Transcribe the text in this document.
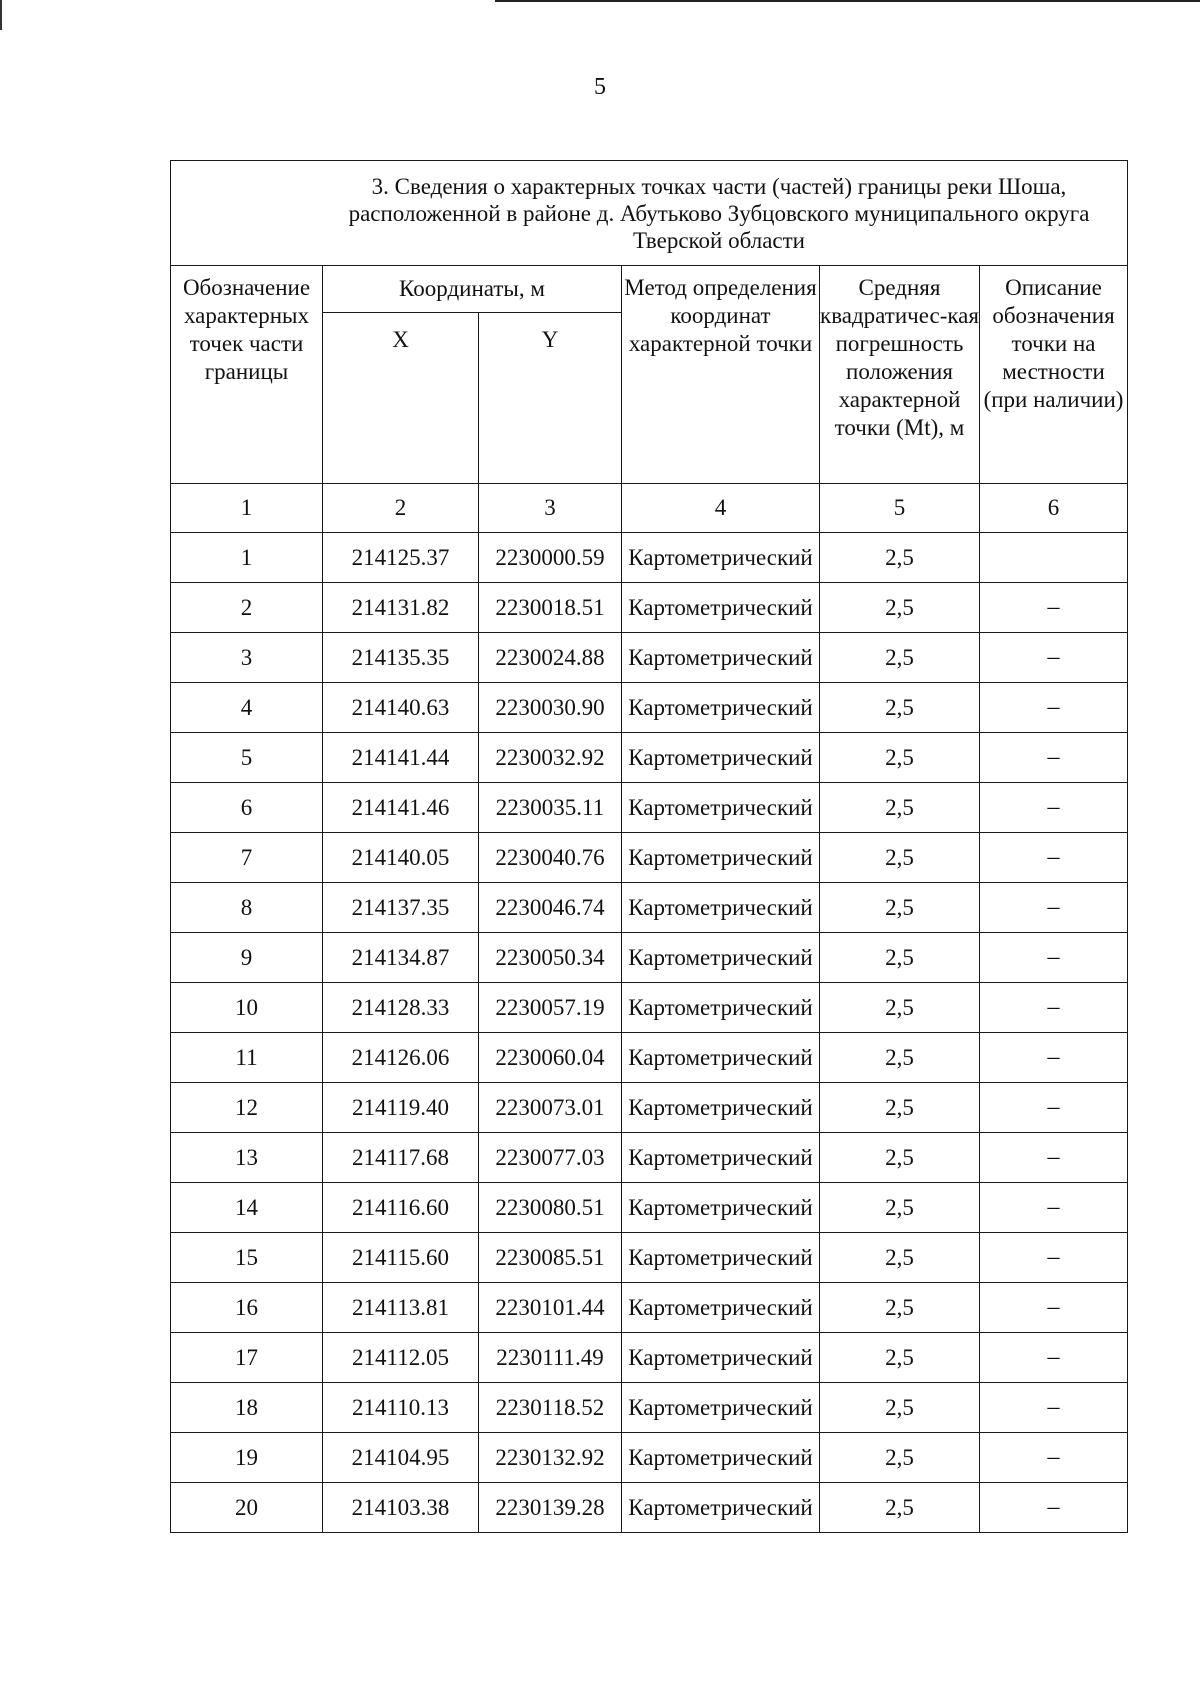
5
3. Сведения о характерных точках части (частей) границы реки Шоша, расположенной в районе д. Абутьково Зубцовского муниципального округа Тверской области					

Обозначение характерных точек части границы	Координаты, м		Метод определения координат характерной точки	Средняя квадратичес-кая погрешность положения характерной точки (Mt), м	Описание обозначения точки на местности (при наличии)
	X	Y			
1	2	3	4	5	6
1	214125.37	2230000.59	Картометрический	2,5	
2	214131.82	2230018.51	Картометрический	2,5	–
3	214135.35	2230024.88	Картометрический	2,5	–
4	214140.63	2230030.90	Картометрический	2,5	–
5	214141.44	2230032.92	Картометрический	2,5	–
6	214141.46	2230035.11	Картометрический	2,5	–
7	214140.05	2230040.76	Картометрический	2,5	–
8	214137.35	2230046.74	Картометрический	2,5	–
9	214134.87	2230050.34	Картометрический	2,5	–
10	214128.33	2230057.19	Картометрический	2,5	–
11	214126.06	2230060.04	Картометрический	2,5	–
12	214119.40	2230073.01	Картометрический	2,5	–
13	214117.68	2230077.03	Картометрический	2,5	–
14	214116.60	2230080.51	Картометрический	2,5	–
15	214115.60	2230085.51	Картометрический	2,5	–
16	214113.81	2230101.44	Картометрический	2,5	–
17	214112.05	2230111.49	Картометрический	2,5	–
18	214110.13	2230118.52	Картометрический	2,5	–
19	214104.95	2230132.92	Картометрический	2,5	–
20	214103.38	2230139.28	Картометрический	2,5	–
